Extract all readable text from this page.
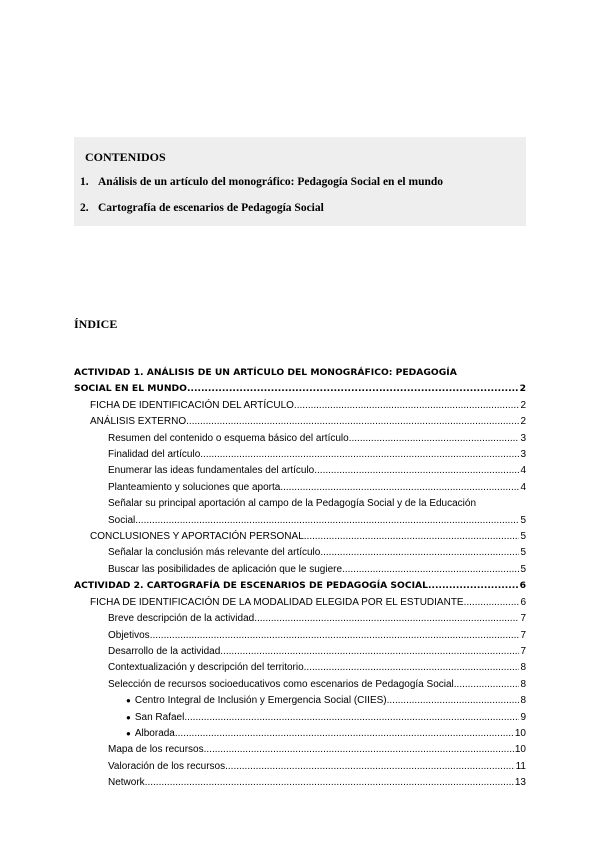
CONTENIDOS
1. Análisis de un artículo del monográfico: Pedagogía Social en el mundo
2. Cartografía de escenarios de Pedagogía Social
ÍNDICE
ACTIVIDAD 1. ANÁLISIS DE UN ARTÍCULO DEL MONOGRÁFICO: PEDAGOGÍA
SOCIAL EN EL MUNDO .....	2
FICHA DE IDENTIFICACIÓN DEL ARTÍCULO .....	2
ANÁLISIS EXTERNO .....	2
Resumen del contenido o esquema básico del artículo .....	3
Finalidad del artículo .....	3
Enumerar las ideas fundamentales del artículo .....	4
Planteamiento y soluciones que aporta .....	4
Señalar su principal aportación al campo de la Pedagogía Social y de la Educación
Social .....	5
CONCLUSIONES Y APORTACIÓN PERSONAL .....	5
Señalar la conclusión más relevante del artículo .....	5
Buscar las posibilidades de aplicación que le sugiere .....	5
ACTIVIDAD 2. CARTOGRAFÍA DE ESCENARIOS DE PEDAGOGÍA SOCIAL .....	6
FICHA DE IDENTIFICACIÓN DE LA MODALIDAD ELEGIDA POR EL ESTUDIANTE .....	6
Breve descripción de la actividad .....	7
Objetivos .....	7
Desarrollo de la actividad .....	7
Contextualización y descripción del territorio .....	8
Selección de recursos socioeducativos como escenarios de Pedagogía Social .....	8
● Centro Integral de Inclusión y Emergencia Social (CIIES). .....	8
● San Rafael .....	9
● Alborada .....	10
Mapa de los recursos .....	10
Valoración de los recursos .....	11
Network .....	13
